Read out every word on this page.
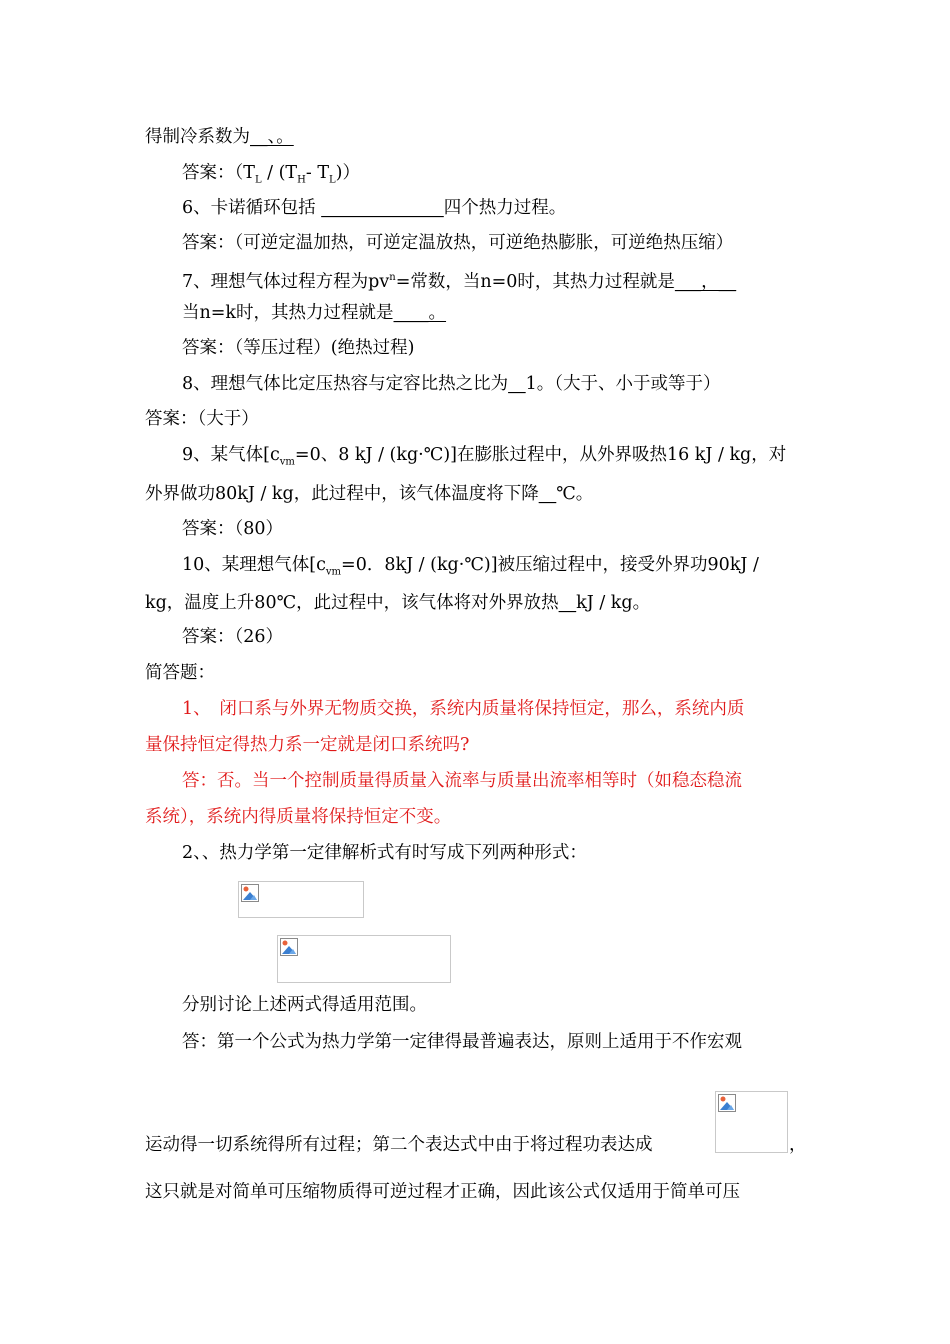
得制冷系数为__、。
答案：（$T_L / (T_H-$ $T_L$)）
6、卡诺循环包括 ______________四个热力过程。
答案：（可逆定温加热，可逆定温放热，可逆绝热膨胀，可逆绝热压缩）
7、理想气体过程方程为$pv^n=$常数，当n=0时，其热力过程就是___，__
当n=k时，其热力过程就是____。
答案：（等压过程）(绝热过程)
8、理想气体比定压热容与定容比热之比为__1。（大于、小于或等于）
答案：（大于）
9、某气体[$c_{vm}=0$、8 kJ / (kg·℃)]在膨胀过程中，从外界吸热16 kJ / kg，对
外界做功80kJ / kg，此过程中，该气体温度将下降__℃。
答案：（80）
10、某理想气体[$c_{vm}=0$．8kJ / (kg·℃)]被压缩过程中，接受外界功90kJ /
kg，温度上升80℃，此过程中，该气体将对外界放热__kJ / kg。
答案：（26）
简答题：
1、　闭口系与外界无物质交换，系统内质量将保持恒定，那么，系统内质
量保持恒定得热力系一定就是闭口系统吗?
答：否。当一个控制质量得质量入流率与质量出流率相等时（如稳态稳流
系统），系统内得质量将保持恒定不变。
2、、热力学第一定律解析式有时写成下列两种形式：
分别讨论上述两式得适用范围。
答：第一个公式为热力学第一定律得最普遍表达，原则上适用于不作宏观
运动得一切系统得所有过程；第二个表达式中由于将过程功表达成	，
这只就是对简单可压缩物质得可逆过程才正确，因此该公式仅适用于简单可压
